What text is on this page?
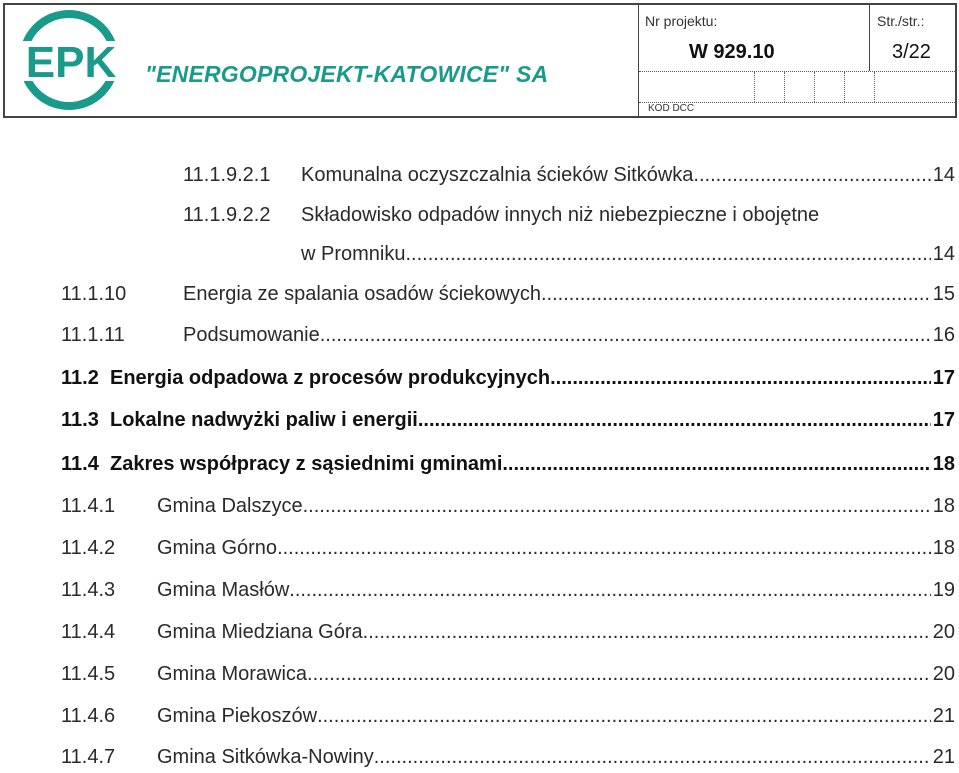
EPK "ENERGOPROJEKT-KATOWICE" SA
Nr projektu:
W 929.10
Str./str.:
3/22
KOD DCC
11.1.9.2.1 Komunalna oczyszczalnia ścieków Sitkówka .....	14
11.1.9.2.2 Składowisko odpadów innych niż niebezpieczne i obojętne
w Promniku .....	14
11.1.10	Energia ze spalania osadów ściekowych .....	15
11.1.11	Podsumowanie .....	16
11.2 Energia odpadowa z procesów produkcyjnych .....	17
11.3 Lokalne nadwyżki paliw i energii .....	17
11.4 Zakres współpracy z sąsiednimi gminami .....	18
11.4.1 Gmina Dalszyce .....	18
11.4.2 Gmina Górno .....	18
11.4.3 Gmina Masłów .....	19
11.4.4 Gmina Miedziana Góra .....	20
11.4.5 Gmina Morawica .....	20
11.4.6 Gmina Piekoszów .....	21
11.4.7 Gmina Sitkówka-Nowiny .....	21
